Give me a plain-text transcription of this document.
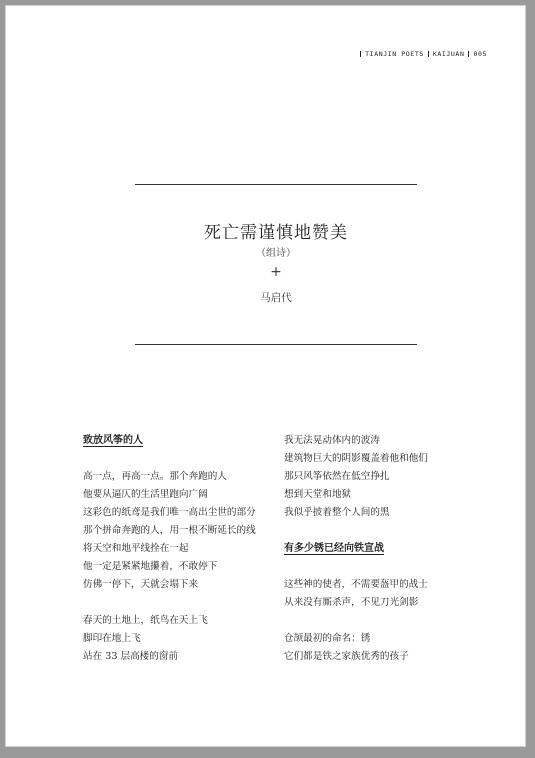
TIANJIN POETS KAIJUAN 005
死亡需谨慎地赞美
（组诗）
+
马启代
致放风筝的人
高一点，再高一点。那个奔跑的人
他要从逼仄的生活里跑向广阔
这彩色的纸鸢是我们唯一高出尘世的部分
那个拼命奔跑的人，用一根不断延长的线
将天空和地平线拴在一起
他一定是紧紧地攥着，不敢停下
仿佛一停下，天就会塌下来
春天的土地上，纸鸟在天上飞
脚印在地上飞
站在 33 层高楼的窗前
我无法晃动体内的波涛
建筑物巨大的阴影覆盖着他和他们
那只风筝依然在低空挣扎
想到天堂和地狱
我似乎披着整个人间的黑
有多少锈已经向铁宣战
这些神的使者，不需要盔甲的战士
从来没有厮杀声，不见刀光剑影
仓颉最初的命名：锈
它们都是铁之家族优秀的孩子
